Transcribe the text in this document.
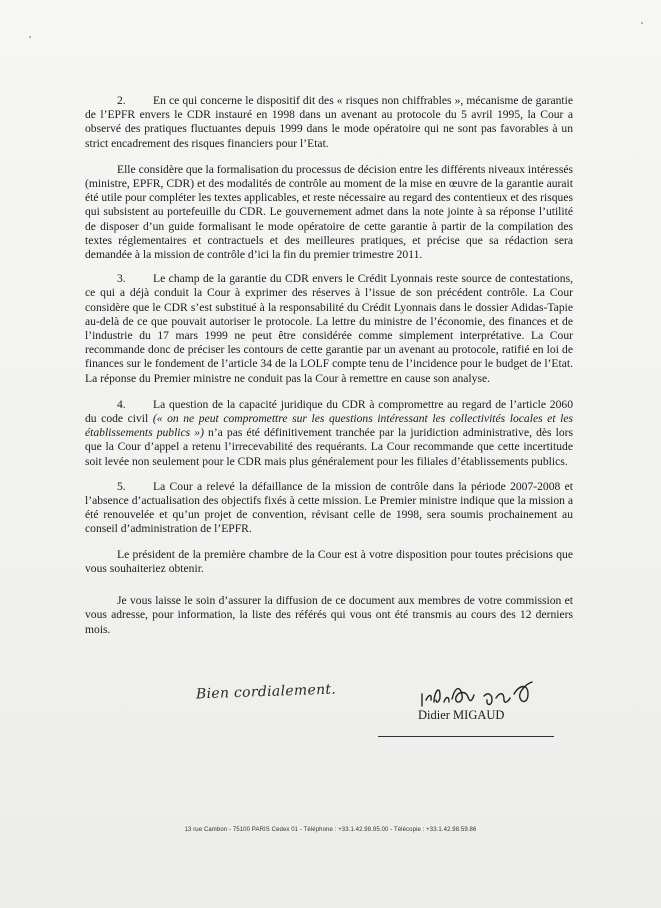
2. En ce qui concerne le dispositif dit des « risques non chiffrables », mécanisme de garantie de l’EPFR envers le CDR instauré en 1998 dans un avenant au protocole du 5 avril 1995, la Cour a observé des pratiques fluctuantes depuis 1999 dans le mode opératoire qui ne sont pas favorables à un strict encadrement des risques financiers pour l’Etat.

Elle considère que la formalisation du processus de décision entre les différents niveaux intéressés (ministre, EPFR, CDR) et des modalités de contrôle au moment de la mise en œuvre de la garantie aurait été utile pour compléter les textes applicables, et reste nécessaire au regard des contentieux et des risques qui subsistent au portefeuille du CDR. Le gouvernement admet dans la note jointe à sa réponse l’utilité de disposer d’un guide formalisant le mode opératoire de cette garantie à partir de la compilation des textes réglementaires et contractuels et des meilleures pratiques, et précise que sa rédaction sera demandée à la mission de contrôle d’ici la fin du premier trimestre 2011.

3. Le champ de la garantie du CDR envers le Crédit Lyonnais reste source de contestations, ce qui a déjà conduit la Cour à exprimer des réserves à l’issue de son précédent contrôle. La Cour considère que le CDR s’est substitué à la responsabilité du Crédit Lyonnais dans le dossier Adidas-Tapie au-delà de ce que pouvait autoriser le protocole. La lettre du ministre de l’économie, des finances et de l’industrie du 17 mars 1999 ne peut être considérée comme simplement interprétative. La Cour recommande donc de préciser les contours de cette garantie par un avenant au protocole, ratifié en loi de finances sur le fondement de l’article 34 de la LOLF compte tenu de l’incidence pour le budget de l’Etat. La réponse du Premier ministre ne conduit pas la Cour à remettre en cause son analyse.

4. La question de la capacité juridique du CDR à compromettre au regard de l’article 2060 du code civil (« on ne peut compromettre sur les questions intéressant les collectivités locales et les établissements publics ») n’a pas été définitivement tranchée par la juridiction administrative, dès lors que la Cour d’appel a retenu l’irrecevabilité des requérants. La Cour recommande que cette incertitude soit levée non seulement pour le CDR mais plus généralement pour les filiales d’établissements publics.

5. La Cour a relevé la défaillance de la mission de contrôle dans la période 2007-2008 et l’absence d’actualisation des objectifs fixés à cette mission. Le Premier ministre indique que la mission a été renouvelée et qu’un projet de convention, révisant celle de 1998, sera soumis prochainement au conseil d’administration de l’EPFR.

Le président de la première chambre de la Cour est à votre disposition pour toutes précisions que vous souhaiteriez obtenir.

Je vous laisse le soin d’assurer la diffusion de ce document aux membres de votre commission et vous adresse, pour information, la liste des référés qui vous ont été transmis au cours des 12 derniers mois.

Bien cordialement.
Didier MIGAUD
13 rue Cambon - 75100 PARIS Cedex 01 - Téléphone : +33.1.42.98.95.00 - Télécopie : +33.1.42.98.59.86
